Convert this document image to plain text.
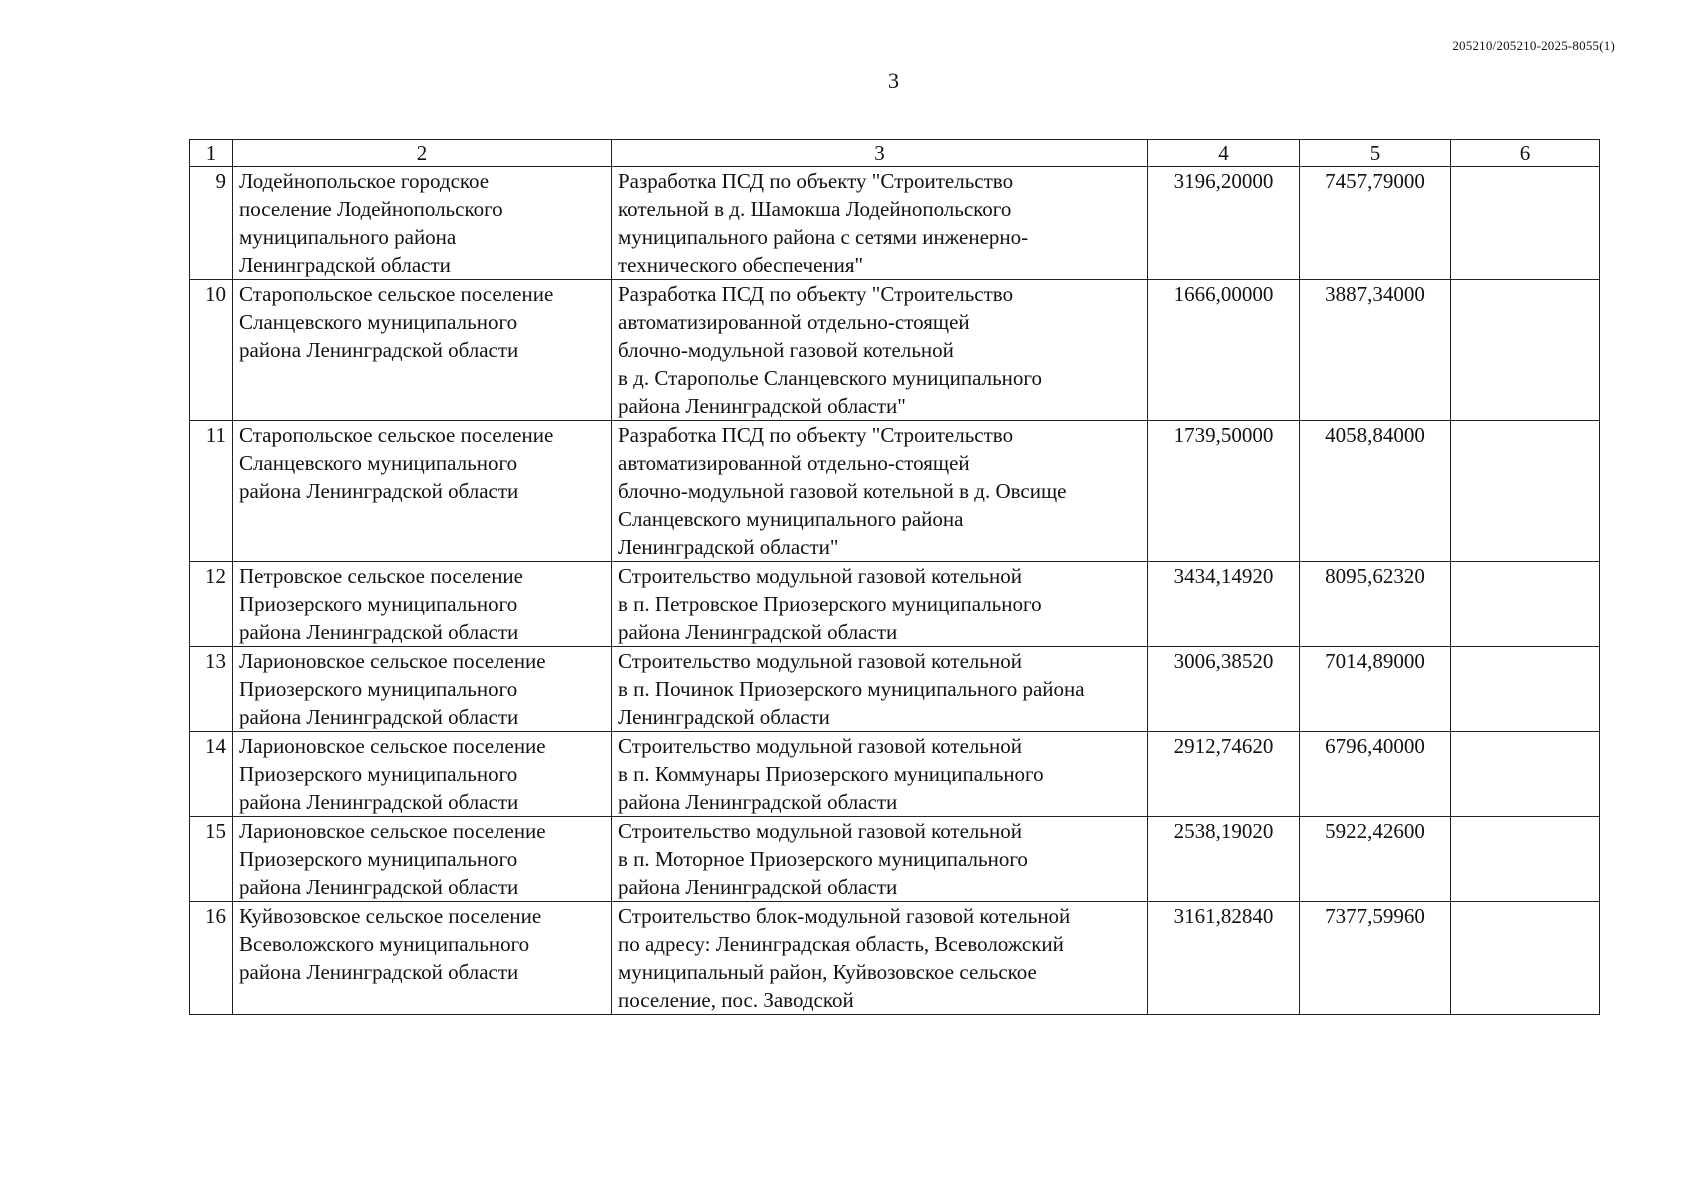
205210/205210-2025-8055(1)
3
1	2	3	4	5	6
9	Лодейнопольское городское
поселение Лодейнопольского
муниципального района
Ленинградской области	Разработка ПСД по объекту "Строительство
котельной в д. Шамокша Лодейнопольского
муниципального района с сетями инженерно-
технического обеспечения"	3196,20000	7457,79000	
10	Старопольское сельское поселение
Сланцевского муниципального
района Ленинградской области	Разработка ПСД по объекту "Строительство
автоматизированной отдельно-стоящей
блочно-модульной газовой котельной
в д. Старополье Сланцевского муниципального
района Ленинградской области"	1666,00000	3887,34000	
11	Старопольское сельское поселение
Сланцевского муниципального
района Ленинградской области	Разработка ПСД по объекту "Строительство
автоматизированной отдельно-стоящей
блочно-модульной газовой котельной в д. Овсище
Сланцевского муниципального района
Ленинградской области"	1739,50000	4058,84000	
12	Петровское сельское поселение
Приозерского муниципального
района Ленинградской области	Строительство модульной газовой котельной
в п. Петровское Приозерского муниципального
района Ленинградской области	3434,14920	8095,62320	
13	Ларионовское сельское поселение
Приозерского муниципального
района Ленинградской области	Строительство модульной газовой котельной
в п. Починок Приозерского муниципального района
Ленинградской области	3006,38520	7014,89000	
14	Ларионовское сельское поселение
Приозерского муниципального
района Ленинградской области	Строительство модульной газовой котельной
в п. Коммунары Приозерского муниципального
района Ленинградской области	2912,74620	6796,40000	
15	Ларионовское сельское поселение
Приозерского муниципального
района Ленинградской области	Строительство модульной газовой котельной
в п. Моторное Приозерского муниципального
района Ленинградской области	2538,19020	5922,42600	
16	Куйвозовское сельское поселение
Всеволожского муниципального
района Ленинградской области	Строительство блок-модульной газовой котельной
по адресу: Ленинградская область, Всеволожский
муниципальный район, Куйвозовское сельское
поселение, пос. Заводской	3161,82840	7377,59960	
